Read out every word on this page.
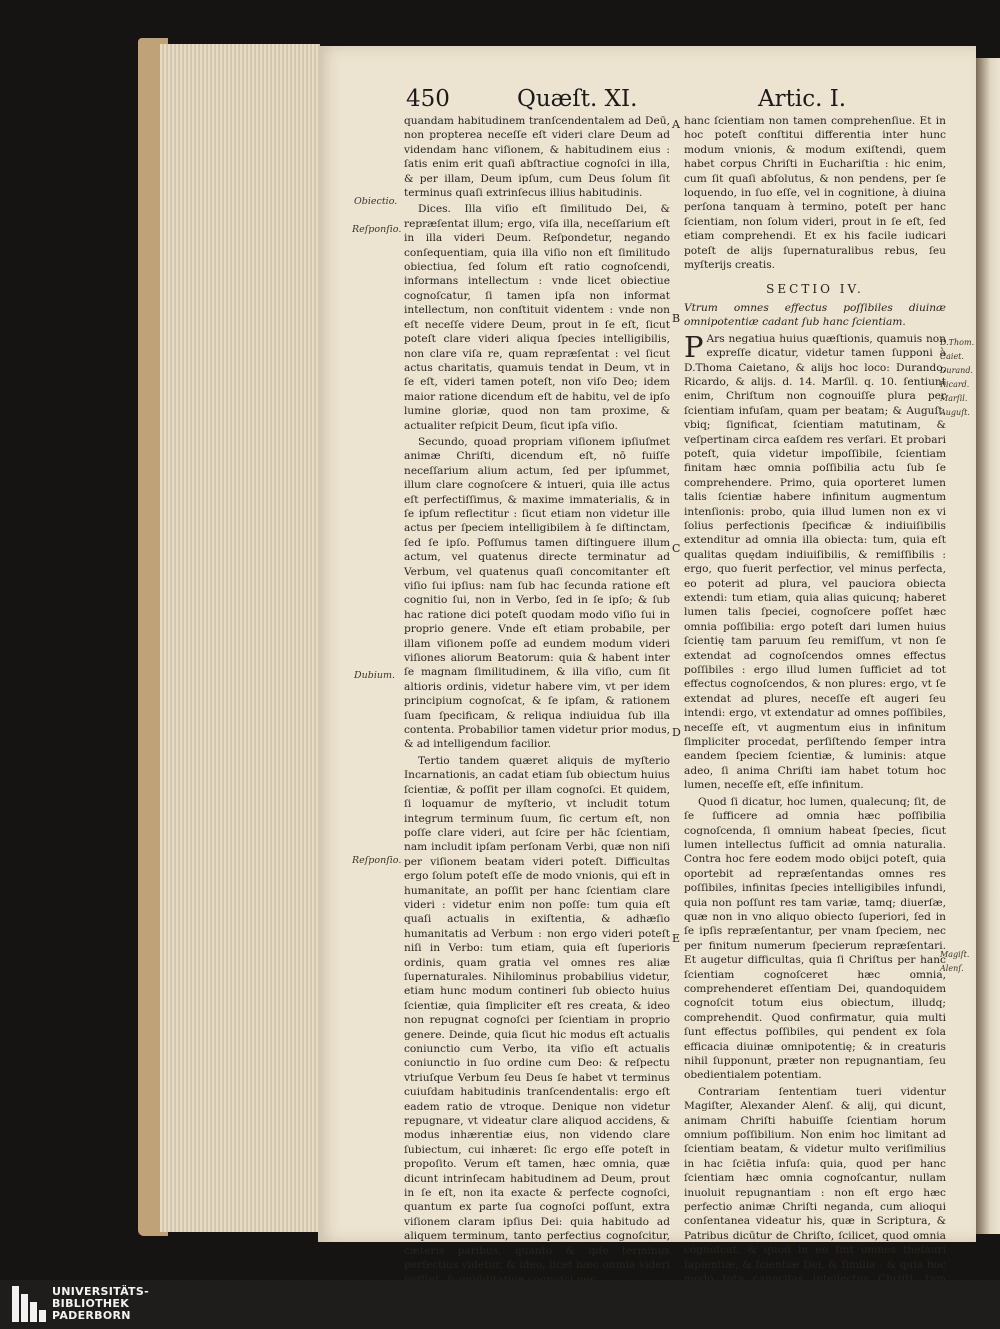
450	Quæſt. XI.	Artic. I.
Obiectio.
Reſponſio.
Dubium.
Reſponſio.
D.Thom. Caiet. Durand. Ricard. Marſil. Auguſt.
Magiſt. Alenſ.
A
B
C
D
E

quandam habitudinem tranſcendentalem ad Deū, non propterea neceſſe eſt videri clare Deum ad videndam hanc viſionem, & habitudinem eius : ſatis enim erit quaſi abſtractiue cognoſci in illa, & per illam, Deum ipſum, cum Deus ſolum ſit terminus quaſi extrinſecus illius habitudinis.

Dices. Illa viſio eſt ſimilitudo Dei, & repræſentat illum; ergo, viſa illa, neceſſarium eſt in illa videri Deum. Reſpondetur, negando conſequentiam, quia illa viſio non eſt ſimilitudo obiectiua, ſed ſolum eſt ratio cognoſcendi, informans intellectum : vnde licet obiectiue cognoſcatur, ſi tamen ipſa non informat intellectum, non conſtituit videntem : vnde non eſt neceſſe videre Deum, prout in ſe eſt, ſicut poteſt clare videri aliqua ſpecies intelligibilis, non clare viſa re, quam repræſentat : vel ſicut actus charitatis, quamuis tendat in Deum, vt in ſe eſt, videri tamen poteſt, non viſo Deo; idem maior ratione dicendum eſt de habitu, vel de ipſo lumine gloriæ, quod non tam proxime, & actualiter reſpicit Deum, ſicut ipſa viſio.

Secundo, quoad propriam viſionem ipſiuſmet animæ Chriſti, dicendum eſt, nō fuiſſe neceſſarium alium actum, ſed per ipſummet, illum clare cognoſcere & intueri, quia ille actus eſt perfectiſſimus, & maxime immaterialis, & in ſe ipſum reflectitur : ſicut etiam non videtur ille actus per ſpeciem intelligibilem à ſe diſtinctam, ſed ſe ipſo. Poſſumus tamen diſtinguere illum actum, vel quatenus directe terminatur ad Verbum, vel quatenus quaſi concomitanter eſt viſio ſui ipſius: nam ſub hac ſecunda ratione eſt cognitio ſui, non in Verbo, ſed in ſe ipſo; & ſub hac ratione dici poteſt quodam modo viſio ſui in proprio genere. Vnde eſt etiam probabile, per illam viſionem poſſe ad eundem modum videri viſiones aliorum Beatorum: quia & habent inter ſe magnam ſimilitudinem, & illa viſio, cum ſit altioris ordinis, videtur habere vim, vt per idem principium cognoſcat, & ſe ipſam, & rationem ſuam ſpecificam, & reliqua indiuidua ſub illa contenta. Probabilior tamen videtur prior modus, & ad intelligendum facilior.

Tertio tandem quæret aliquis de myſterio Incarnationis, an cadat etiam ſub obiectum huius ſcientiæ, & poſſit per illam cognoſci. Et quidem, ſi loquamur de myſterio, vt includit totum integrum terminum ſuum, ſic certum eſt, non poſſe clare videri, aut ſcire per hāc ſcientiam, nam includit ipſam perſonam Verbi, quæ non niſi per viſionem beatam videri poteſt. Difficultas ergo ſolum poteſt eſſe de modo vnionis, qui eſt in humanitate, an poſſit per hanc ſcientiam clare videri : videtur enim non poſſe: tum quia eſt quaſi actualis in exiſtentia, & adhæſio humanitatis ad Verbum : non ergo videri poteſt niſi in Verbo: tum etiam, quia eſt ſuperioris ordinis, quam gratia vel omnes res aliæ ſupernaturales. Nihilominus probabilius videtur, etiam hunc modum contineri ſub obiecto huius ſcientiæ, quia ſimpliciter eſt res creata, & ideo non repugnat cognoſci per ſcientiam in proprio genere. Deinde, quia ſicut hic modus eſt actualis coniunctio cum Verbo, ita viſio eſt actualis coniunctio in ſuo ordine cum Deo: & reſpectu vtriuſque Verbum ſeu Deus ſe habet vt terminus cuiuſdam habitudinis tranſcendentalis: ergo eſt eadem ratio de vtroque. Denique non videtur repugnare, vt videatur clare aliquod accidens, & modus inhærentiæ eius, non videndo clare ſubiectum, cui inhæret: ſic ergo eſſe poteſt in propoſito. Verum eſt tamen, hæc omnia, quæ dicunt intrinſecam habitudinem ad Deum, prout in ſe eſt, non ita exacte & perfecte cognoſci, quantum ex parte ſua cognoſci poſſunt, extra viſionem claram ipſius Dei: quia habitudo ad aliquem terminum, tanto perfectius cognoſcitur, cæteris paribus, quanto & ipſe terminus perfectius videtur, & ideo, licet hæc omnia videri

hanc ſcientiam non tamen comprehenſiue. Et in hoc poteſt conſtitui differentia inter hunc modum vnionis, & modum exiſtendi, quem habet corpus Chriſti in Euchariſtia : hic enim, cum ſit quaſi abſolutus, & non pendens, per ſe loquendo, in ſuo eſſe, vel in cognitione, à diuina perſona tanquam à termino, poteſt per hanc ſcientiam, non ſolum videri, prout in ſe eſt, ſed etiam comprehendi. Et ex his facile iudicari poteſt de alijs ſupernaturalibus rebus, ſeu myſterijs creatis.

SECTIO IV.

Vtrum omnes effectus poſſibiles diuinæ omnipotentiæ cadant ſub hanc ſcientiam.

P Ars negatiua huius quæſtionis, quamuis non expreſſe dicatur, videtur tamen ſupponi à D.Thoma Caietano, & alijs hoc loco: Durando, Ricardo, & alijs. d. 14. Marſil. q. 10. ſentiunt enim, Chriſtum non cognouiſſe plura per ſcientiam infuſam, quam per beatam; & Auguſt. vbiq; ſignificat, ſcientiam matutinam, & veſpertinam circa eaſdem res verſari. Et probari poteſt, quia videtur impoſſibile, ſcientiam finitam hæc omnia poſſibilia actu ſub ſe comprehendere. Primo, quia oporteret lumen talis ſcientiæ habere infinitum augmentum intenſionis: probo, quia illud lumen non ex vi ſolius perfectionis ſpecificæ & indiuiſibilis extenditur ad omnia illa obiecta: tum, quia eſt qualitas quędam indiuiſibilis, & remiſſibilis : ergo, quo fuerit perfectior, vel minus perfecta, eo poterit ad plura, vel pauciora obiecta extendi: tum etiam, quia alias quicunq; haberet lumen talis ſpeciei, cognoſcere poſſet hæc omnia poſſibilia: ergo poteſt dari lumen huius ſcientię tam paruum ſeu remiſſum, vt non ſe extendat ad cognoſcendos omnes effectus poſſibiles : ergo illud lumen ſufficiet ad tot effectus cognoſcendos, & non plures: ergo, vt ſe extendat ad plures, neceſſe eſt augeri ſeu intendi: ergo, vt extendatur ad omnes poſſibiles, neceſſe eſt, vt augmentum eius in infinitum ſimpliciter procedat, perſiſtendo ſemper intra eandem ſpeciem ſcientiæ, & luminis: atque adeo, ſi anima Chriſti iam habet totum hoc lumen, neceſſe eſt, eſſe infinitum.

Quod ſi dicatur, hoc lumen, qualecunq; ſit, de ſe ſufficere ad omnia hæc poſſibilia cognoſcenda, ſi omnium habeat ſpecies, ſicut lumen intellectus ſufficit ad omnia naturalia. Contra hoc fere eodem modo obijci poteſt, quia oportebit ad repræſentandas omnes res poſſibiles, infinitas ſpecies intelligibiles infundi, quia non poſſunt res tam variæ, tamq; diuerſæ, quæ non in vno aliquo obiecto ſuperiori, ſed in ſe ipſis repræſentantur, per vnam ſpeciem, nec per finitum numerum ſpecierum repræſentari. Et augetur difficultas, quia ſi Chriſtus per hanc ſcientiam cognoſceret hæc omnia, comprehenderet eſſentiam Dei, quandoquidem cognoſcit totum eius obiectum, illudq; comprehendit. Quod confirmatur, quia multi ſunt effectus poſſibiles, qui pendent ex ſola efficacia diuinæ omnipotentię; & in creaturis nihil ſupponunt, præter non repugnantiam, ſeu obedientialem potentiam.

Contrariam ſententiam tueri videntur Magiſter, Alexander Alenſ. & alij, qui dicunt, animam Chriſti habuiſſe ſcientiam horum omnium poſſibilium. Non enim hoc limitant ad ſcientiam beatam, & videtur multo veriſimilius in hac ſciētia infuſa: quia, quod per hanc ſcientiam hæc omnia cognoſcantur, nullam inuoluit repugnantiam : non eſt ergo hæc perfectio animæ Chriſti neganda, cum alioqui conſentanea videatur his, quæ in Scriptura, & Patribus dicūtur de Chriſto, ſcilicet, quod omnia cognoſcat, & quod in eo ſint omnes theſauri ſapientiæ, & ſcientiæ Dei, & ſimilia : & quia hoc

UNIVERSITÄTS-
BIBLIOTHEK
PADERBORN
